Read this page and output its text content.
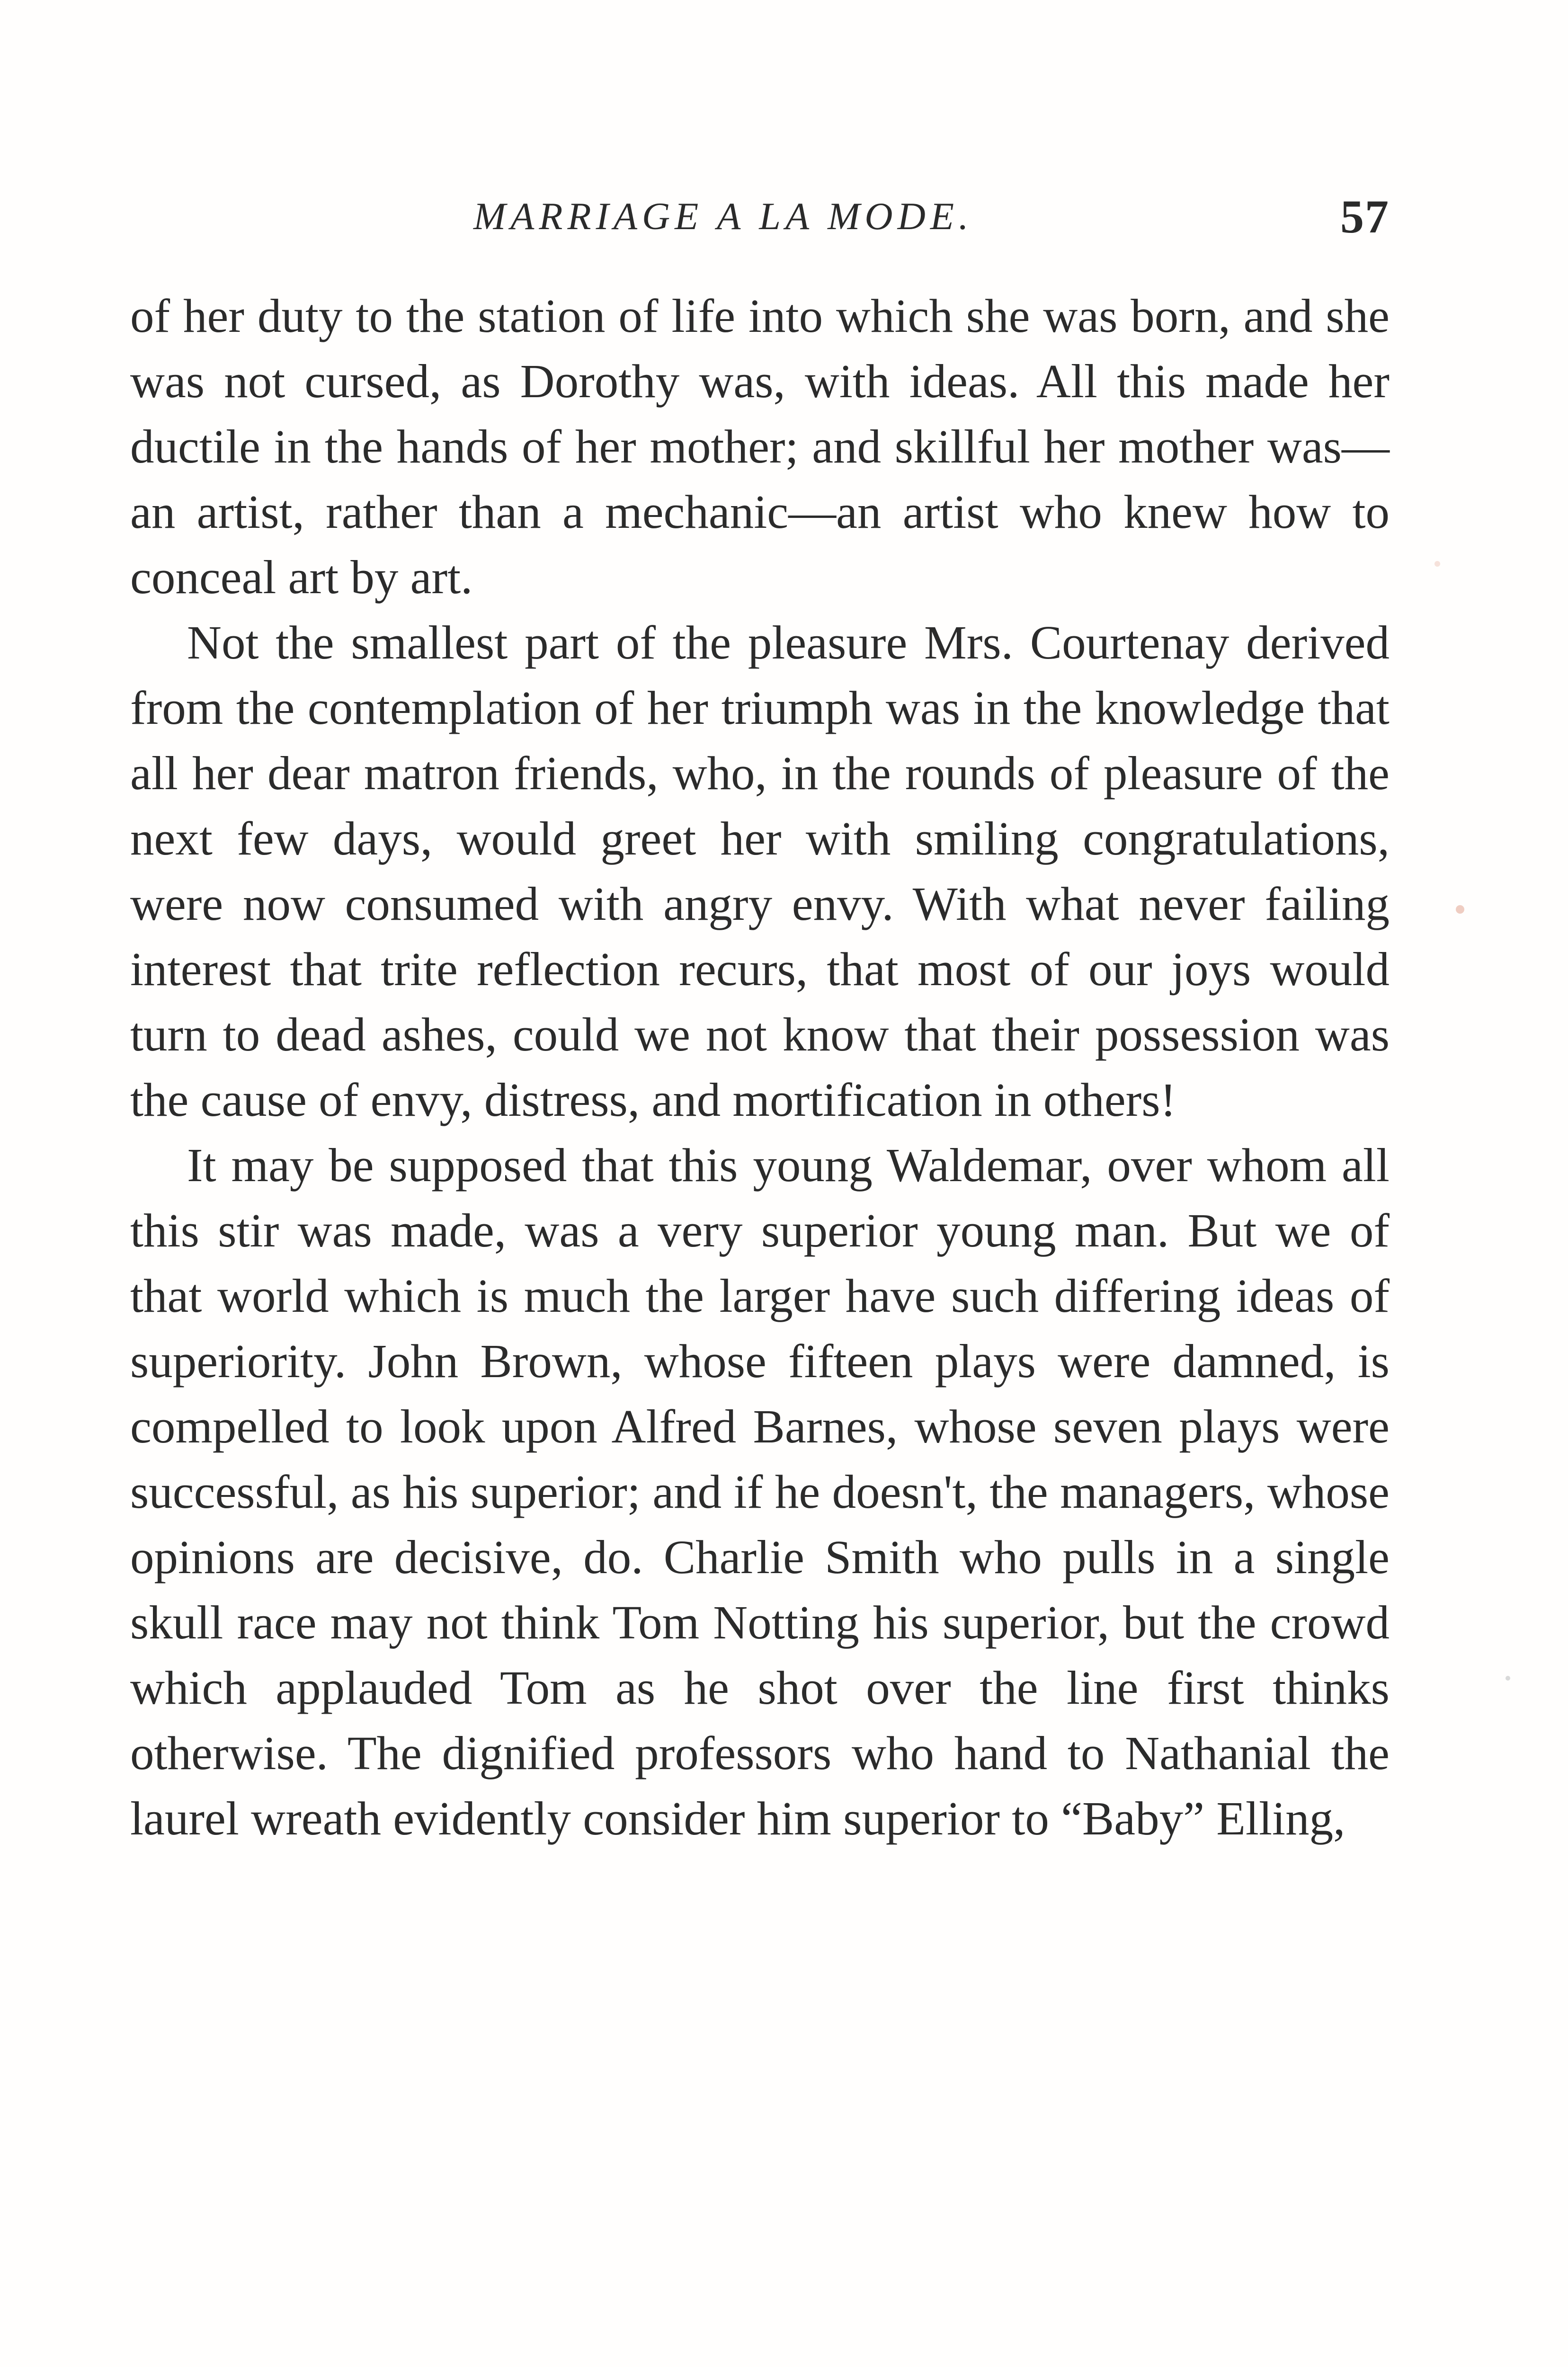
MARRIAGE A LA MODE.	57

of her duty to the station of life into which she was born, and she was not cursed, as Dorothy was, with ideas. All this made her ductile in the hands of her mother; and skillful her mother was—an artist, rather than a mechanic—an artist who knew how to conceal art by art.

Not the smallest part of the pleasure Mrs. Courtenay derived from the contemplation of her triumph was in the knowledge that all her dear matron friends, who, in the rounds of pleasure of the next few days, would greet her with smiling congratulations, were now consumed with angry envy. With what never failing interest that trite reflection recurs, that most of our joys would turn to dead ashes, could we not know that their possession was the cause of envy, distress, and mortification in others!

It may be supposed that this young Waldemar, over whom all this stir was made, was a very superior young man. But we of that world which is much the larger have such differing ideas of superiority. John Brown, whose fifteen plays were damned, is compelled to look upon Alfred Barnes, whose seven plays were successful, as his superior; and if he doesn't, the managers, whose opinions are decisive, do. Charlie Smith who pulls in a single skull race may not think Tom Notting his superior, but the crowd which applauded Tom as he shot over the line first thinks otherwise. The dignified professors who hand to Nathanial the laurel wreath evidently consider him superior to “Baby” Elling,
